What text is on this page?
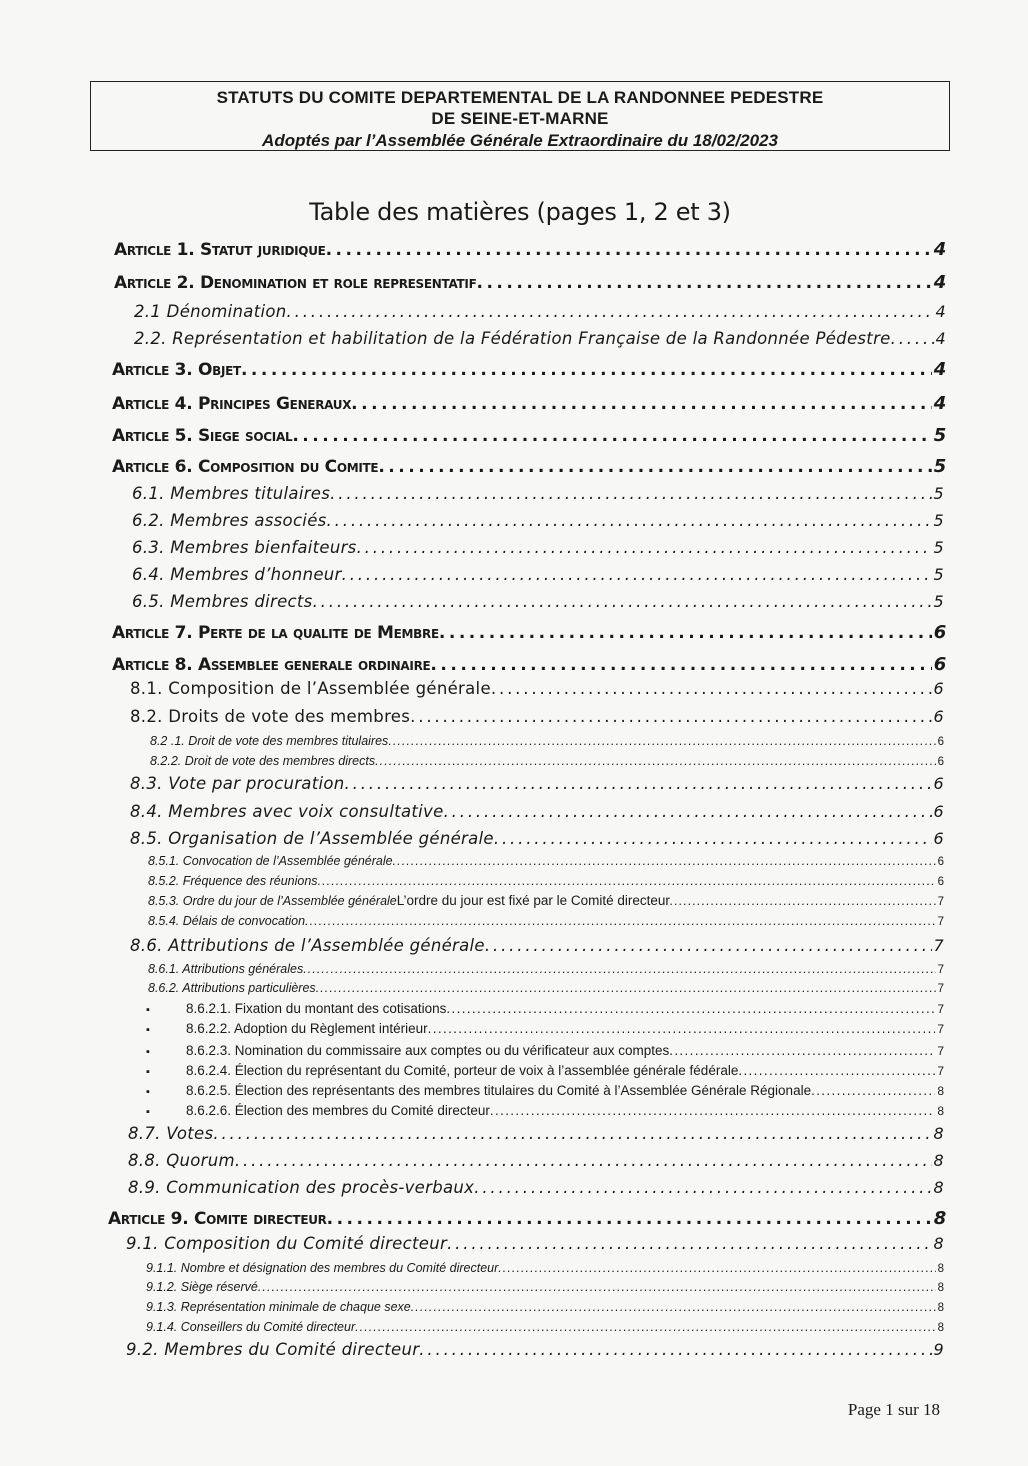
STATUTS DU COMITE DEPARTEMENTAL DE LA RANDONNEE PEDESTRE
DE SEINE-ET-MARNE
Adoptés par l’Assemblée Générale Extraordinaire du 18/02/2023
Table des matières (pages 1, 2 et 3)
Article 1. Statut juridique . . .	4
Article 2. Denomination et role representatif . . .	4
2.1 Dénomination . . .	4
2.2. Représentation et habilitation de la Fédération Française de la Randonnée Pédestre . . .	4
Article 3. Objet . . .	4
Article 4. Principes Generaux . . .	4
Article 5. Siege social . . .	5
Article 6. Composition du Comite . . .	5
6.1. Membres titulaires . . .	5
6.2. Membres associés . . .	5
6.3. Membres bienfaiteurs . . .	5
6.4. Membres d’honneur . . .	5
6.5. Membres directs . . .	5
Article 7. Perte de la qualite de Membre . . .	6
Article 8. Assemblee generale ordinaire . . .	6
8.1. Composition de l’Assemblée générale . . .	6
8.2. Droits de vote des membres . . .	6
8.2 .1. Droit de vote des membres titulaires . . .	6
8.2.2. Droit de vote des membres directs . . .	6
8.3. Vote par procuration . . .	6
8.4. Membres avec voix consultative . . .	6
8.5. Organisation de l’Assemblée générale . . .	6
8.5.1. Convocation de l’Assemblée générale . . .	6
8.5.2. Fréquence des réunions . . .	6
8.5.3. Ordre du jour de l’Assemblée générale L’ordre du jour est fixé par le Comité directeur . . .	7
8.5.4. Délais de convocation . . .	7
8.6. Attributions de l’Assemblée générale . . .	7
8.6.1. Attributions générales . . .	7
8.6.2. Attributions particulières . . .	7
▪	8.6.2.1. Fixation du montant des cotisations . . .	7
▪	8.6.2.2. Adoption du Règlement intérieur . . .	7
▪	8.6.2.3. Nomination du commissaire aux comptes ou du vérificateur aux comptes . . .	7
▪	8.6.2.4. Élection du représentant du Comité, porteur de voix à l’assemblée générale fédérale . . .	7
▪	8.6.2.5. Élection des représentants des membres titulaires du Comité à l’Assemblée Générale Régionale . . .	8
▪	8.6.2.6. Élection des membres du Comité directeur . . .	8
8.7. Votes . . .	8
8.8. Quorum . . .	8
8.9. Communication des procès-verbaux . . .	8
Article 9. Comite directeur . . .	8
9.1. Composition du Comité directeur . . .	8
9.1.1. Nombre et désignation des membres du Comité directeur . . .	8
9.1.2. Siège réservé . . .	8
9.1.3. Représentation minimale de chaque sexe . . .	8
9.1.4. Conseillers du Comité directeur . . .	8
9.2. Membres du Comité directeur . . .	9
Page 1 sur 18
